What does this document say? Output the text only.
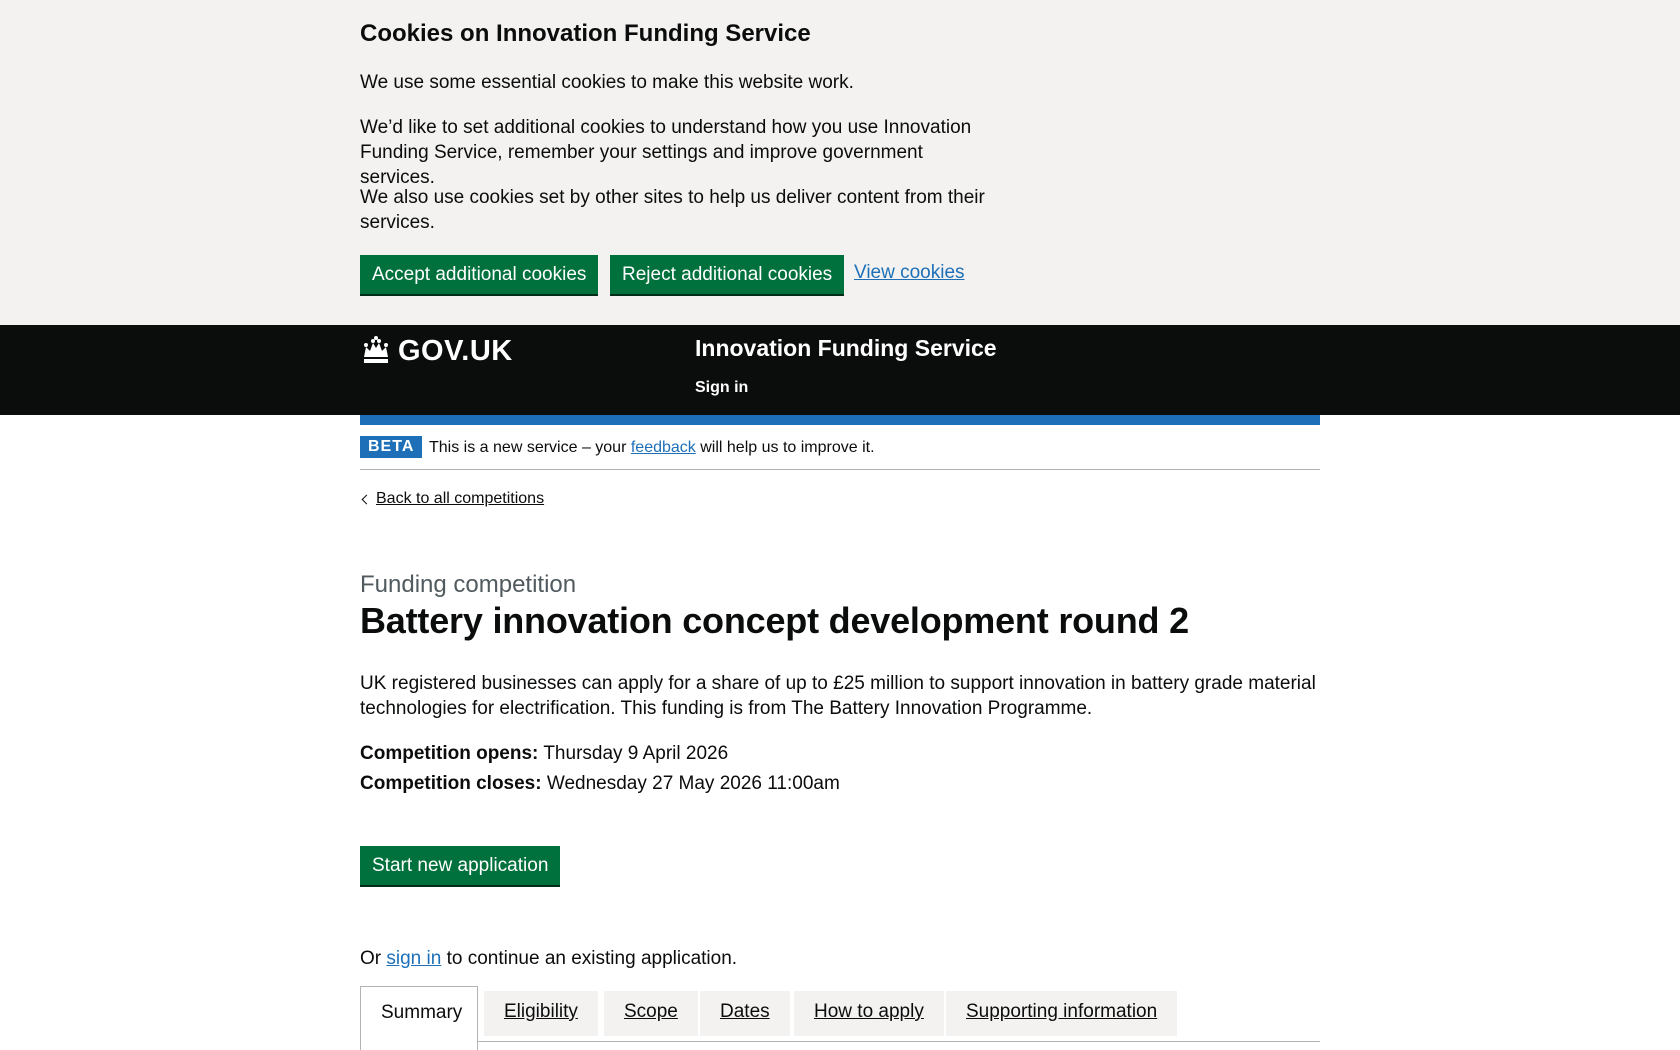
Cookies on Innovation Funding Service

We use some essential cookies to make this website work.

We’d like to set additional cookies to understand how you use Innovation Funding Service, remember your settings and improve government services.

We also use cookies set by other sites to help us deliver content from their services.

Accept additional cookies	Reject additional cookies	View cookies
GOV.UK	Innovation Funding Service
Sign in
BETA This is a new service – your feedback will help us to improve it.
Back to all competitions
Funding competition
Battery innovation concept development round 2

UK registered businesses can apply for a share of up to £25 million to support innovation in battery grade material technologies for electrification. This funding is from The Battery Innovation Programme.

Competition opens: Thursday 9 April 2026

Competition closes: Wednesday 27 May 2026 11:00am

Start new application

Or sign in to continue an existing application.

Summary	Eligibility	Scope	Dates	How to apply	Supporting information
